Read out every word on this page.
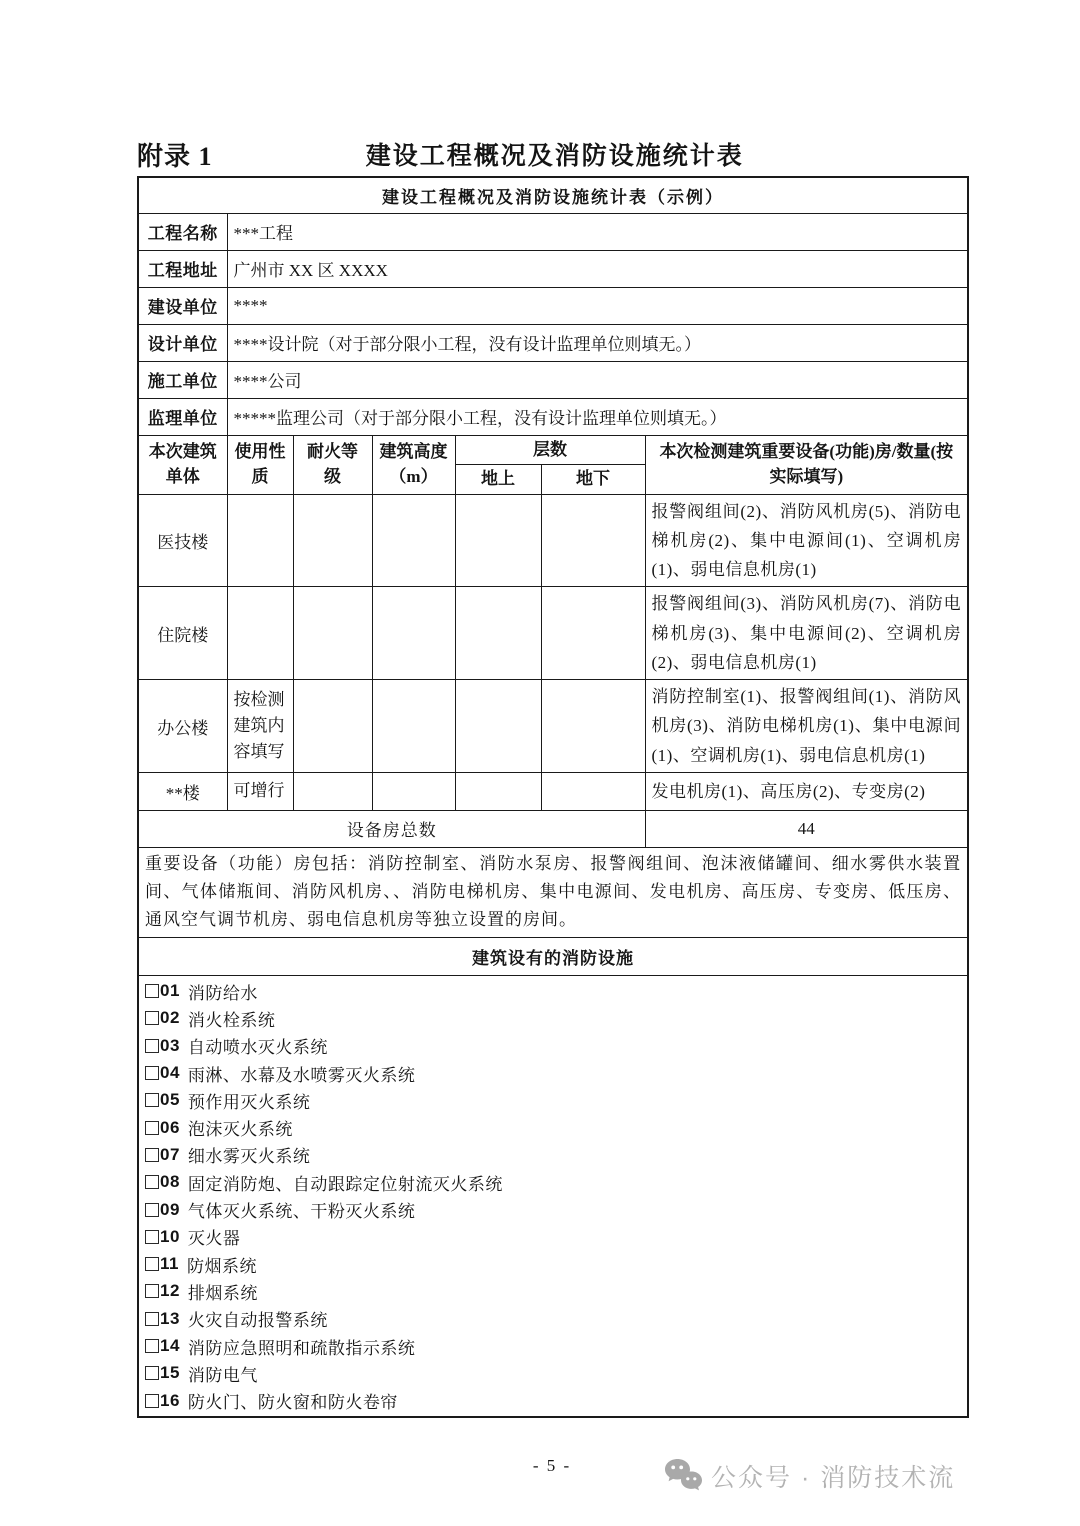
附录 1	建设工程概况及消防设施统计表
建设工程概况及消防设施统计表（示例）						
工程名称	***工程					
工程地址	广州市 XX 区 XXXX					
建设单位	****					
设计单位	****设计院（对于部分限小工程，没有设计监理单位则填无。）					
施工单位	****公司					
监理单位	*****监理公司（对于部分限小工程，没有设计监理单位则填无。）					
本次建筑单体	使用性质	耐火等级	建筑高度（m）	层数		本次检测建筑重要设备(功能)房/数量(按实际填写)
				地上	地下	
医技楼						报警阀组间(2)、消防风机房(5)、消防电梯机房(2)、集中电源间(1)、空调机房(1)、弱电信息机房(1)
住院楼						报警阀组间(3)、消防风机房(7)、消防电梯机房(3)、集中电源间(2)、空调机房(2)、弱电信息机房(1)
办公楼	按检测建筑内容填写					消防控制室(1)、报警阀组间(1)、消防风机房(3)、消防电梯机房(1)、集中电源间(1)、空调机房(1)、弱电信息机房(1)
**楼	可增行					发电机房(1)、高压房(2)、专变房(2)
设备房总数						44
重要设备（功能）房包括：消防控制室、消防水泵房、报警阀组间、泡沫液储罐间、细水雾供水装置间、气体储瓶间、消防风机房、、消防电梯机房、集中电源间、发电机房、高压房、专变房、低压房、通风空气调节机房、弱电信息机房等独立设置的房间。						
建筑设有的消防设施						

01 消防给水
02 消火栓系统
03 自动喷水灭火系统
04 雨淋、水幕及水喷雾灭火系统
05 预作用灭火系统
06 泡沫灭火系统
07 细水雾灭火系统
08 固定消防炮、自动跟踪定位射流灭火系统
09 气体灭火系统、干粉灭火系统
10 灭火器
11 防烟系统
12 排烟系统
13 火灾自动报警系统
14 消防应急照明和疏散指示系统
15 消防电气
16 防火门、防火窗和防火卷帘
- 5 -	公众号 · 消防技术流
